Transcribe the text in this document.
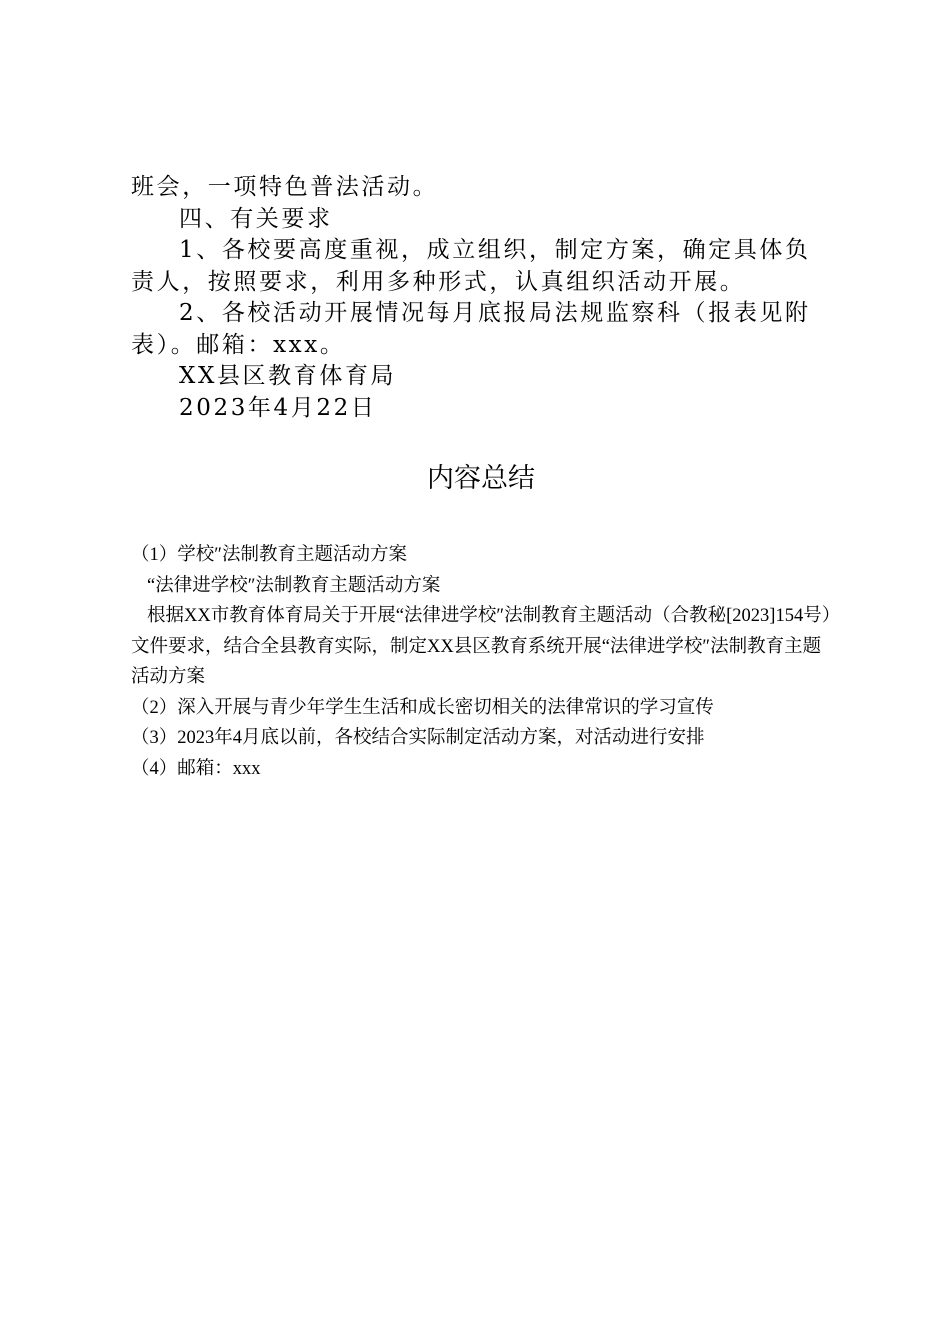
班会，一项特色普法活动。

四、有关要求

1、各校要高度重视，成立组织，制定方案，确定具体负责人，按照要求，利用多种形式，认真组织活动开展。

2、各校活动开展情况每月底报局法规监察科（报表见附表）。邮箱：xxx。

XX县区教育体育局

2023年4月22日

内容总结

（1）学校″法制教育主题活动方案

“法律进学校″法制教育主题活动方案

根据XX市教育体育局关于开展“法律进学校″法制教育主题活动（合教秘[2023]154号）文件要求，结合全县教育实际，制定XX县区教育系统开展“法律进学校″法制教育主题活动方案

（2）深入开展与青少年学生生活和成长密切相关的法律常识的学习宣传

（3）2023年4月底以前，各校结合实际制定活动方案，对活动进行安排

（4）邮箱：xxx
